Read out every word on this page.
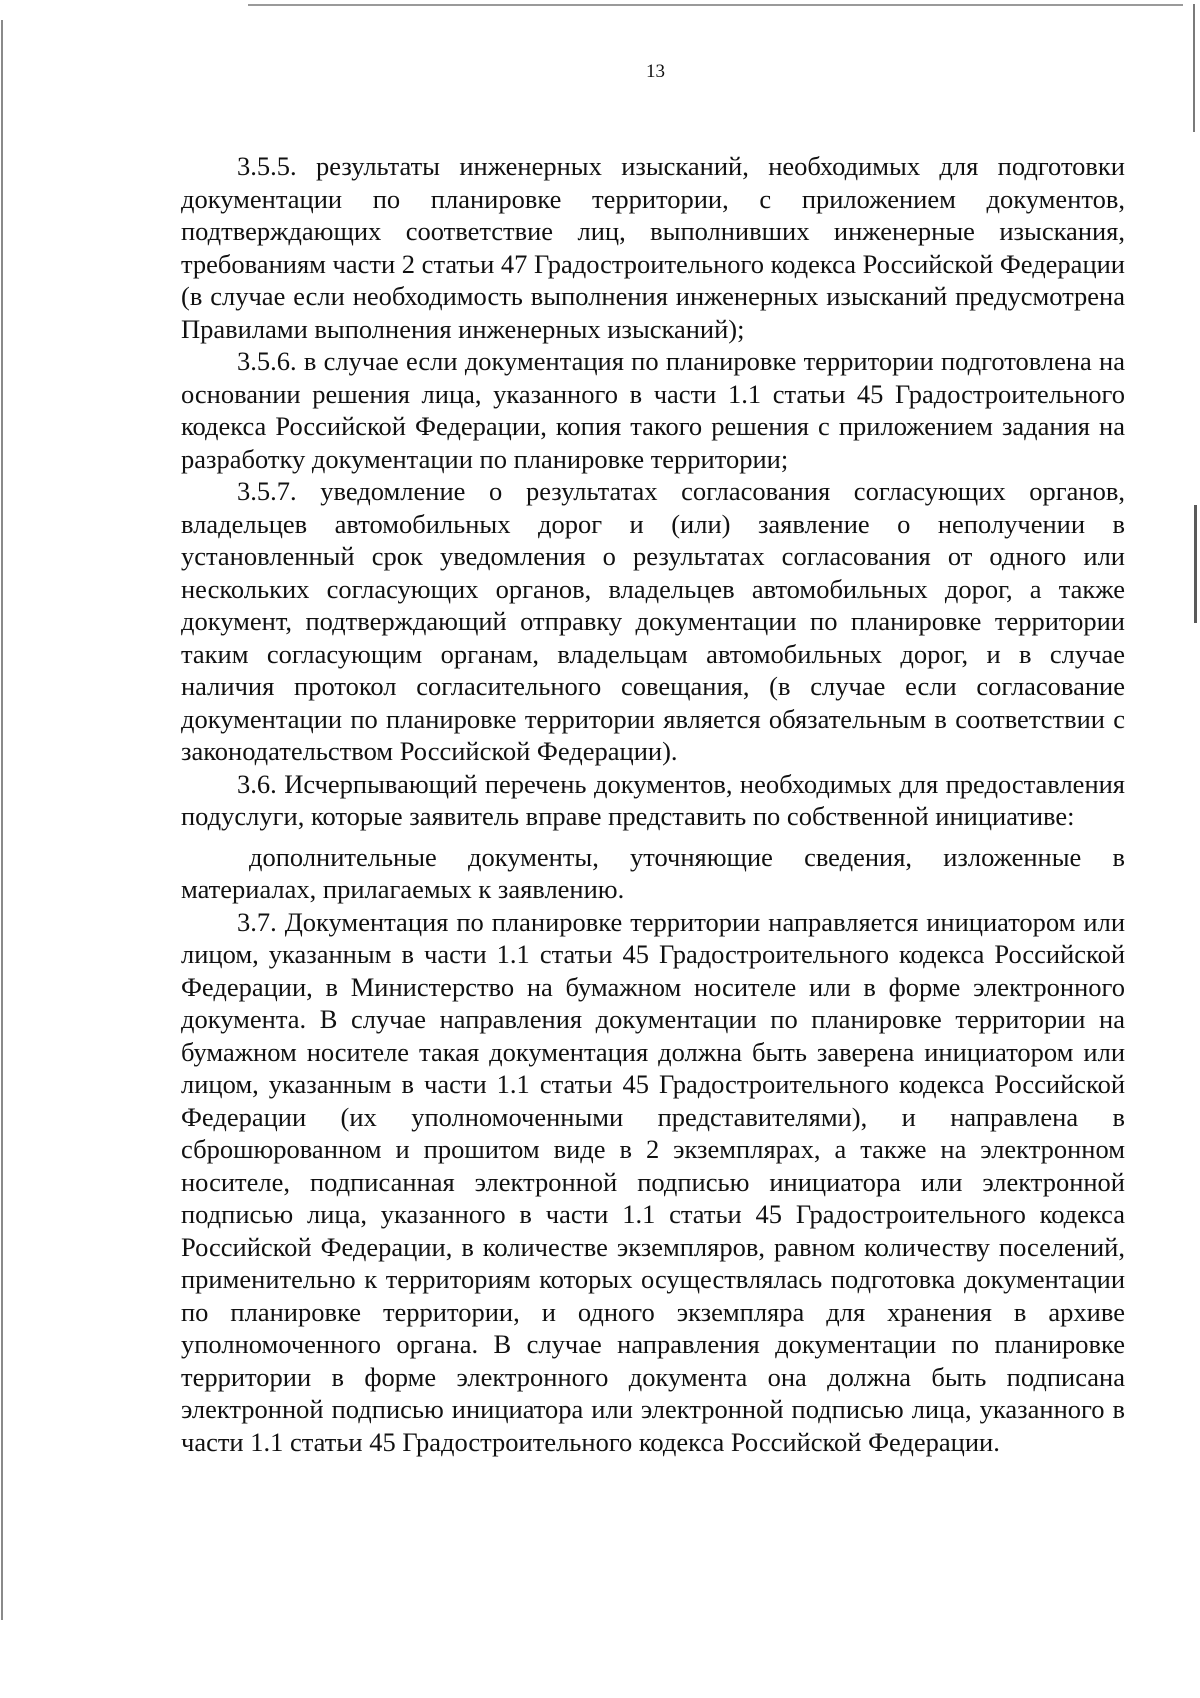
13

3.5.5. результаты инженерных изысканий, необходимых для подготовки документации по планировке территории, с приложением документов, подтверждающих соответствие лиц, выполнивших инженерные изыскания, требованиям части 2 статьи 47 Градостроительного кодекса Российской Федерации (в случае если необходимость выполнения инженерных изысканий предусмотрена Правилами выполнения инженерных изысканий);

3.5.6. в случае если документация по планировке территории подготовлена на основании решения лица, указанного в части 1.1 статьи 45 Градостроительного кодекса Российской Федерации, копия такого решения с приложением задания на разработку документации по планировке территории;

3.5.7. уведомление о результатах согласования согласующих органов, владельцев автомобильных дорог и (или) заявление о неполучении в установленный срок уведомления о результатах согласования от одного или нескольких согласующих органов, владельцев автомобильных дорог, а также документ, подтверждающий отправку документации по планировке территории таким согласующим органам, владельцам автомобильных дорог, и в случае наличия протокол согласительного совещания, (в случае если согласование документации по планировке территории является обязательным в соответствии с законодательством Российской Федерации).

3.6. Исчерпывающий перечень документов, необходимых для предоставления подуслуги, которые заявитель вправе представить по собственной инициативе:

дополнительные документы, уточняющие сведения, изложенные в материалах, прилагаемых к заявлению.

3.7. Документация по планировке территории направляется инициатором или лицом, указанным в части 1.1 статьи 45 Градостроительного кодекса Российской Федерации, в Министерство на бумажном носителе или в форме электронного документа. В случае направления документации по планировке территории на бумажном носителе такая документация должна быть заверена инициатором или лицом, указанным в части 1.1 статьи 45 Градостроительного кодекса Российской Федерации (их уполномоченными представителями), и направлена в сброшюрованном и прошитом виде в 2 экземплярах, а также на электронном носителе, подписанная электронной подписью инициатора или электронной подписью лица, указанного в части 1.1 статьи 45 Градостроительного кодекса Российской Федерации, в количестве экземпляров, равном количеству поселений, применительно к территориям которых осуществлялась подготовка документации по планировке территории, и одного экземпляра для хранения в архиве уполномоченного органа. В случае направления документации по планировке территории в форме электронного документа она должна быть подписана электронной подписью инициатора или электронной подписью лица, указанного в части 1.1 статьи 45 Градостроительного кодекса Российской Федерации.
